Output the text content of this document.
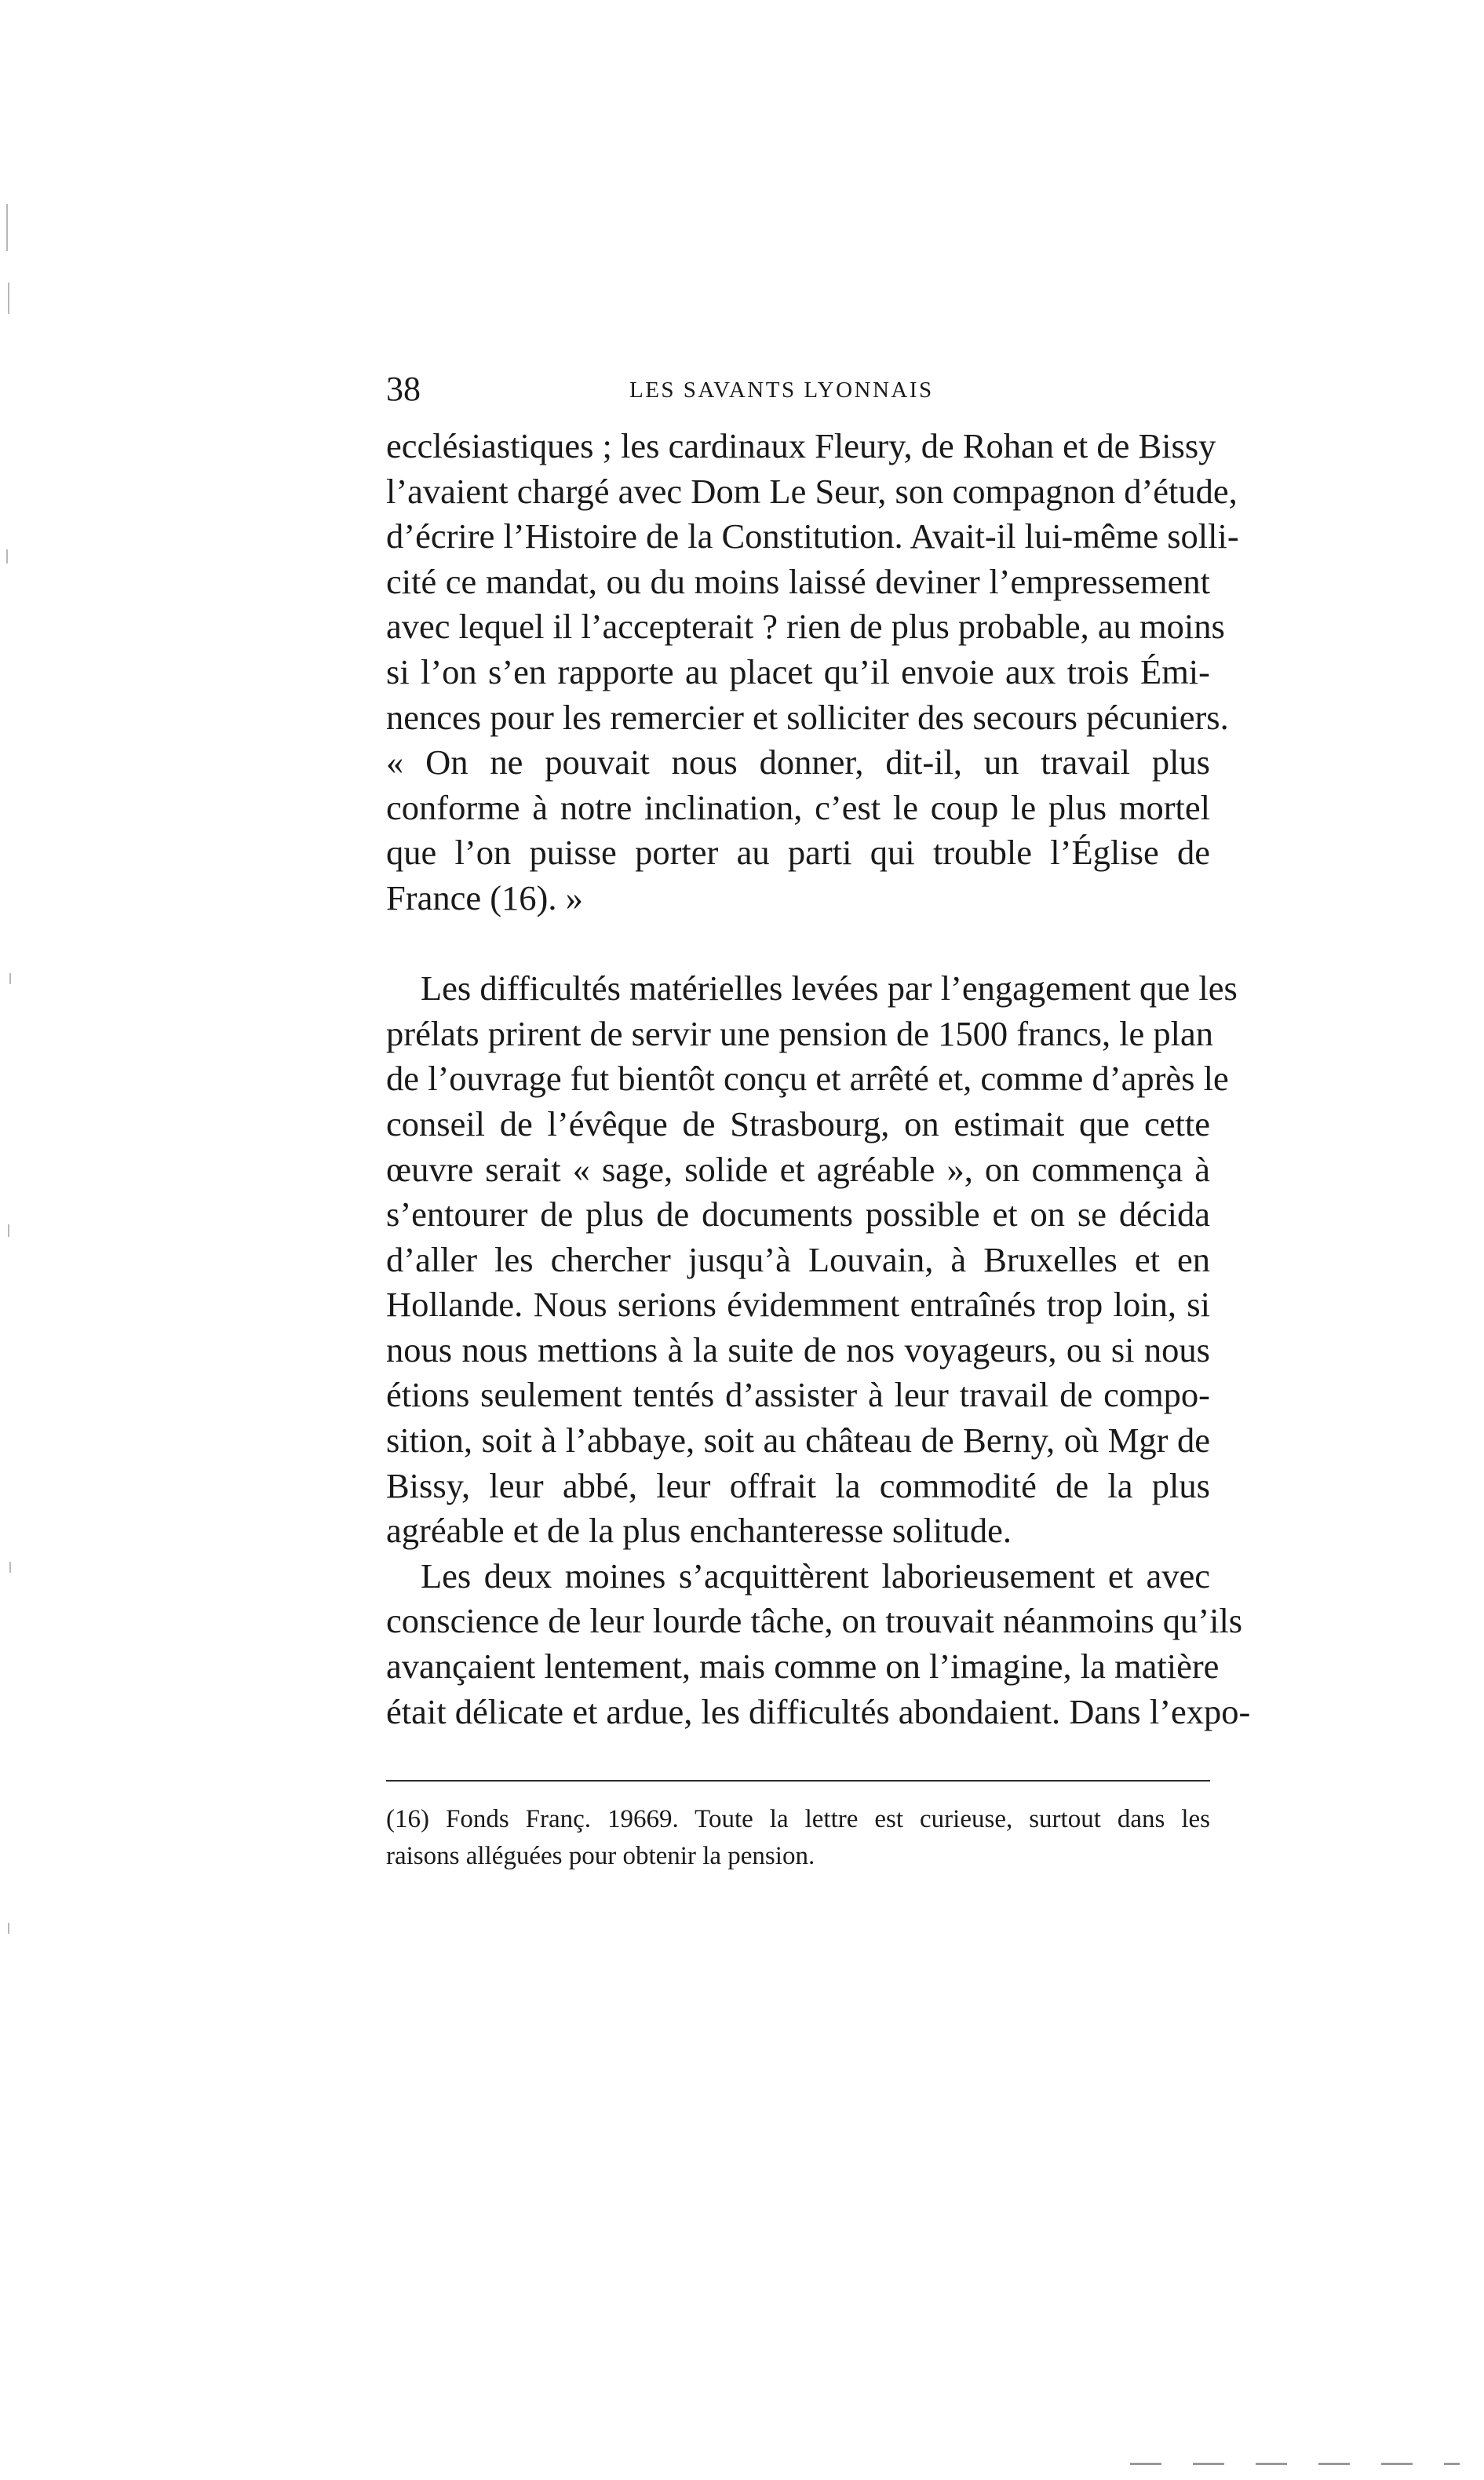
38	LES SAVANTS LYONNAIS
ecclésiastiques ; les cardinaux Fleury, de Rohan et de Bissy
l’avaient chargé avec Dom Le Seur, son compagnon d’étude,
d’écrire l’Histoire de la Constitution. Avait-il lui-même solli-
cité ce mandat, ou du moins laissé deviner l’empressement
avec lequel il l’accepterait ? rien de plus probable, au moins
si l’on s’en rapporte au placet qu’il envoie aux trois Émi-
nences pour les remercier et solliciter des secours pécuniers.
« On ne pouvait nous donner, dit-il, un travail plus
conforme à notre inclination, c’est le coup le plus mortel
que l’on puisse porter au parti qui trouble l’Église de
France (16). »
Les difficultés matérielles levées par l’engagement que les
prélats prirent de servir une pension de 1500 francs, le plan
de l’ouvrage fut bientôt conçu et arrêté et, comme d’après le
conseil de l’évêque de Strasbourg, on estimait que cette
œuvre serait « sage, solide et agréable », on commença à
s’entourer de plus de documents possible et on se décida
d’aller les chercher jusqu’à Louvain, à Bruxelles et en
Hollande. Nous serions évidemment entraînés trop loin, si
nous nous mettions à la suite de nos voyageurs, ou si nous
étions seulement tentés d’assister à leur travail de compo-
sition, soit à l’abbaye, soit au château de Berny, où Mgr de
Bissy, leur abbé, leur offrait la commodité de la plus
agréable et de la plus enchanteresse solitude.
Les deux moines s’acquittèrent laborieusement et avec
conscience de leur lourde tâche, on trouvait néanmoins qu’ils
avançaient lentement, mais comme on l’imagine, la matière
était délicate et ardue, les difficultés abondaient. Dans l’expo-
(16) Fonds Franç. 19669. Toute la lettre est curieuse, surtout dans les
raisons alléguées pour obtenir la pension.
